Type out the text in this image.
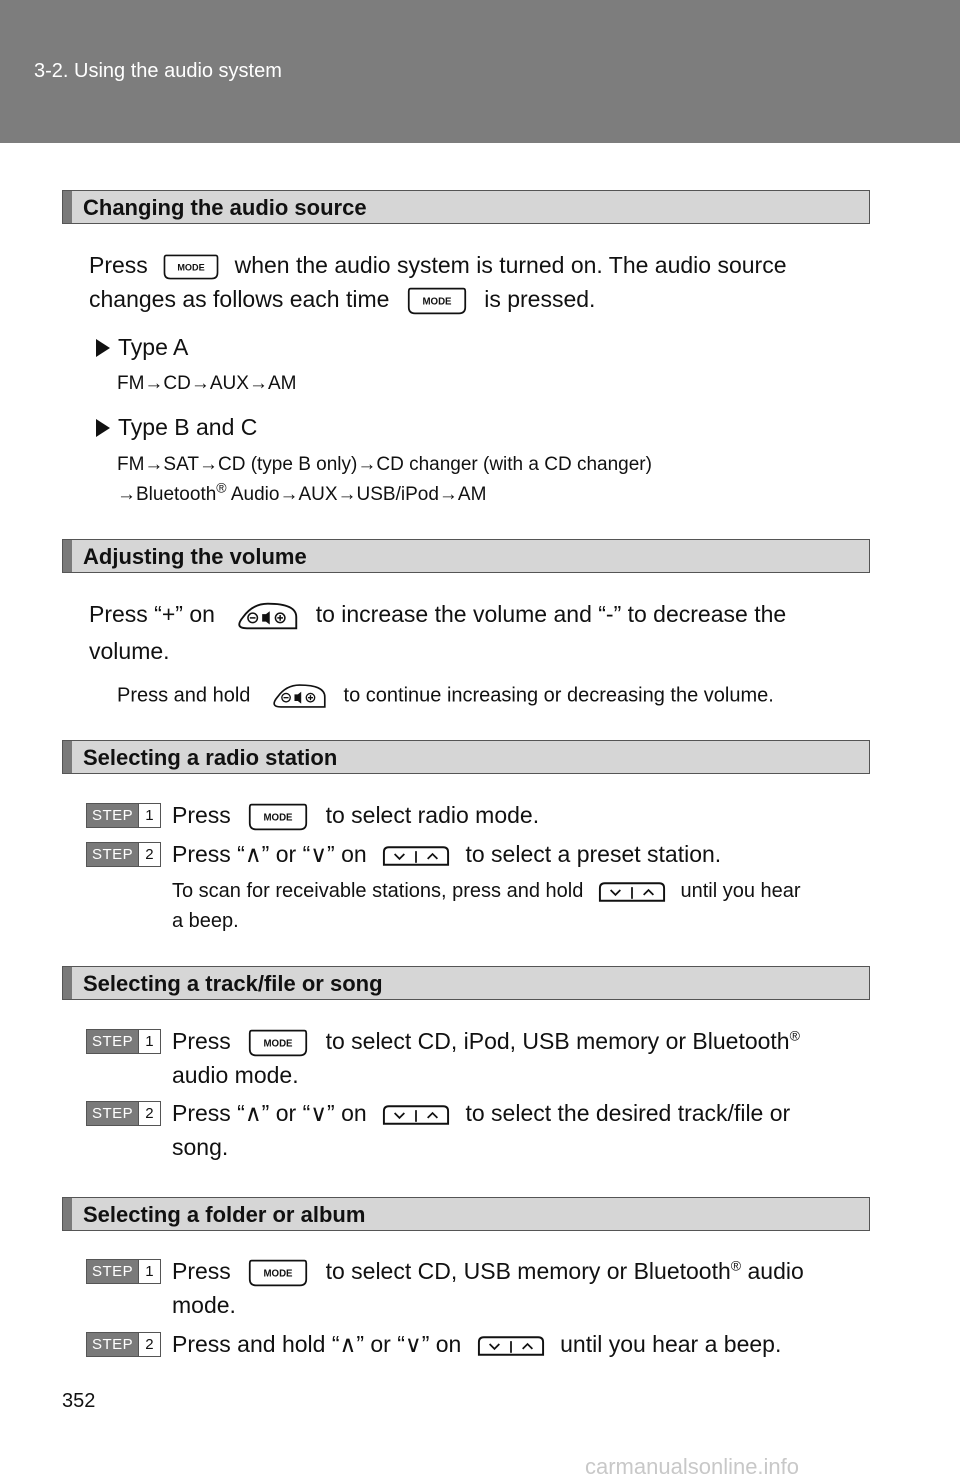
3-2. Using the audio system
Changing the audio source
Press	when the audio system is turned on. The audio source
changes as follows each time	is pressed.
Type A
FM→CD→AUX→AM
Type B and C
FM→SAT→CD (type B only)→CD changer (with a CD changer)
→Bluetooth® Audio→AUX→USB/iPod→AM
Adjusting the volume
Press “+” on	to increase the volume and “-” to decrease the
volume.
Press and hold	to continue increasing or decreasing the volume.
Selecting a radio station
STEP 1 Press	to select radio mode.
STEP 2 Press “∧” or “∨” on	to select a preset station.
To scan for receivable stations, press and hold	until you hear
a beep.
Selecting a track/file or song
STEP 1 Press	to select CD, iPod, USB memory or Bluetooth®
audio mode.
STEP 2 Press “∧” or “∨” on	to select the desired track/file or
song.
Selecting a folder or album
STEP 1 Press	to select CD, USB memory or Bluetooth® audio
mode.
STEP 2 Press and hold “∧” or “∨” on	until you hear a beep.
352
carmanualsonline.info
